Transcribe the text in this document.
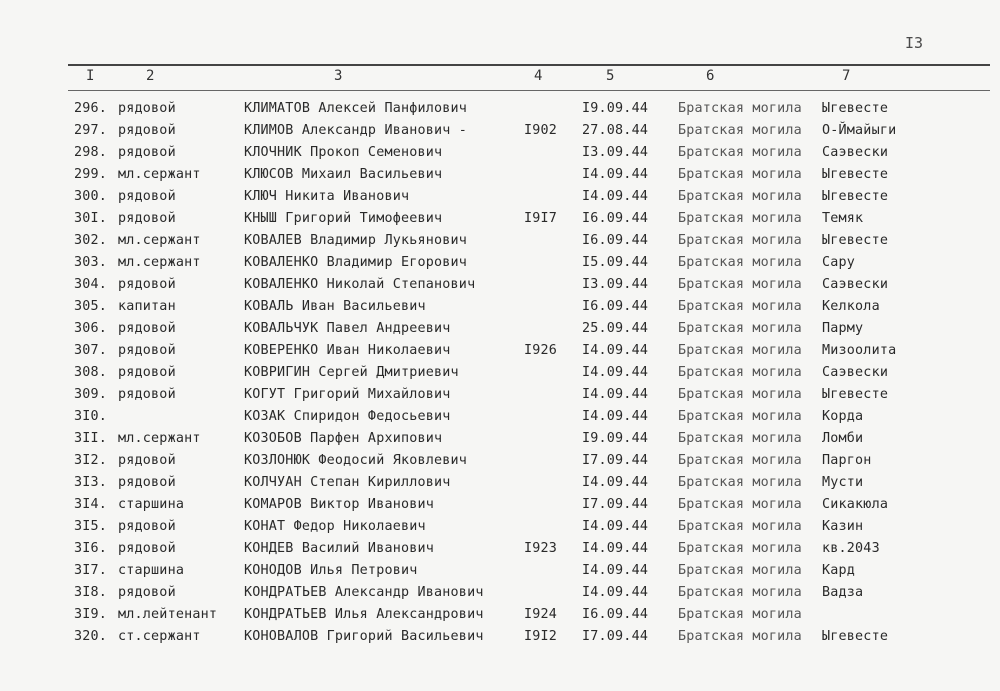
I3
I	2	3	4	5	6	7
296. рядовой	КЛИМАТОВ Алексей Панфилович	I9.09.44 Братская могила Ыгевесте
297. рядовой	КЛИМОВ Александр Иванович -	I902 27.08.44 Братская могила О-Ймайыги
298. рядовой	КЛОЧНИК Прокоп Семенович	I3.09.44 Братская могила Саэвески
299. мл.сержант	КЛЮСОВ Михаил Васильевич	I4.09.44 Братская могила Ыгевесте
300. рядовой	КЛЮЧ Никита Иванович	I4.09.44 Братская могила Ыгевесте
30I. рядовой	КНЫШ Григорий Тимофеевич	I9I7 I6.09.44 Братская могила Темяк
302. мл.сержант	КОВАЛЕВ Владимир Лукьянович	I6.09.44 Братская могила Ыгевесте
303. мл.сержант	КОВАЛЕНКО Владимир Егорович	I5.09.44 Братская могила Сару
304. рядовой	КОВАЛЕНКО Николай Степанович	I3.09.44 Братская могила Саэвески
305. капитан	КОВАЛЬ Иван Васильевич	I6.09.44 Братская могила Келкола
306. рядовой	КОВАЛЬЧУК Павел Андреевич	25.09.44 Братская могила Пармy
307. рядовой	КОВЕРЕНКО Иван Николаевич	I926 I4.09.44 Братская могила Мизоолита
308. рядовой	КОВРИГИН Сергей Дмитриевич	I4.09.44 Братская могила Саэвески
309. рядовой	КОГУТ Григорий Михайлович	I4.09.44 Братская могила Ыгевесте
3I0.	КОЗАК Спиридон Федосьевич	I4.09.44 Братская могила Корда
3II. мл.сержант	КОЗОБОВ Парфен Архипович	I9.09.44 Братская могила Ломби
3I2. рядовой	КОЗЛОНЮК Феодосий Яковлевич	I7.09.44 Братская могила Паргон
3I3. рядовой	КОЛЧУАН Степан Кириллович	I4.09.44 Братская могила Мусти
3I4. старшина	КОМАРОВ Виктор Иванович	I7.09.44 Братская могила Сикакюла
3I5. рядовой	КОНАТ Федор Николаевич	I4.09.44 Братская могила Казин
3I6. рядовой	КОНДЕВ Василий Иванович	I923 I4.09.44 Братская могила кв.2043
3I7. старшина	КОНОДОВ Илья Петрович	I4.09.44 Братская могила Кард
3I8. рядовой	КОНДРАТЬЕВ Александр Иванович	I4.09.44 Братская могила Вадза
3I9. мл.лейтенант КОНДРАТЬЕВ Илья Александрович	I924 I6.09.44 Братская могила
320. ст.сержант	КОНОВАЛОВ Григорий Васильевич	I9I2 I7.09.44 Братская могила Ыгевесте
